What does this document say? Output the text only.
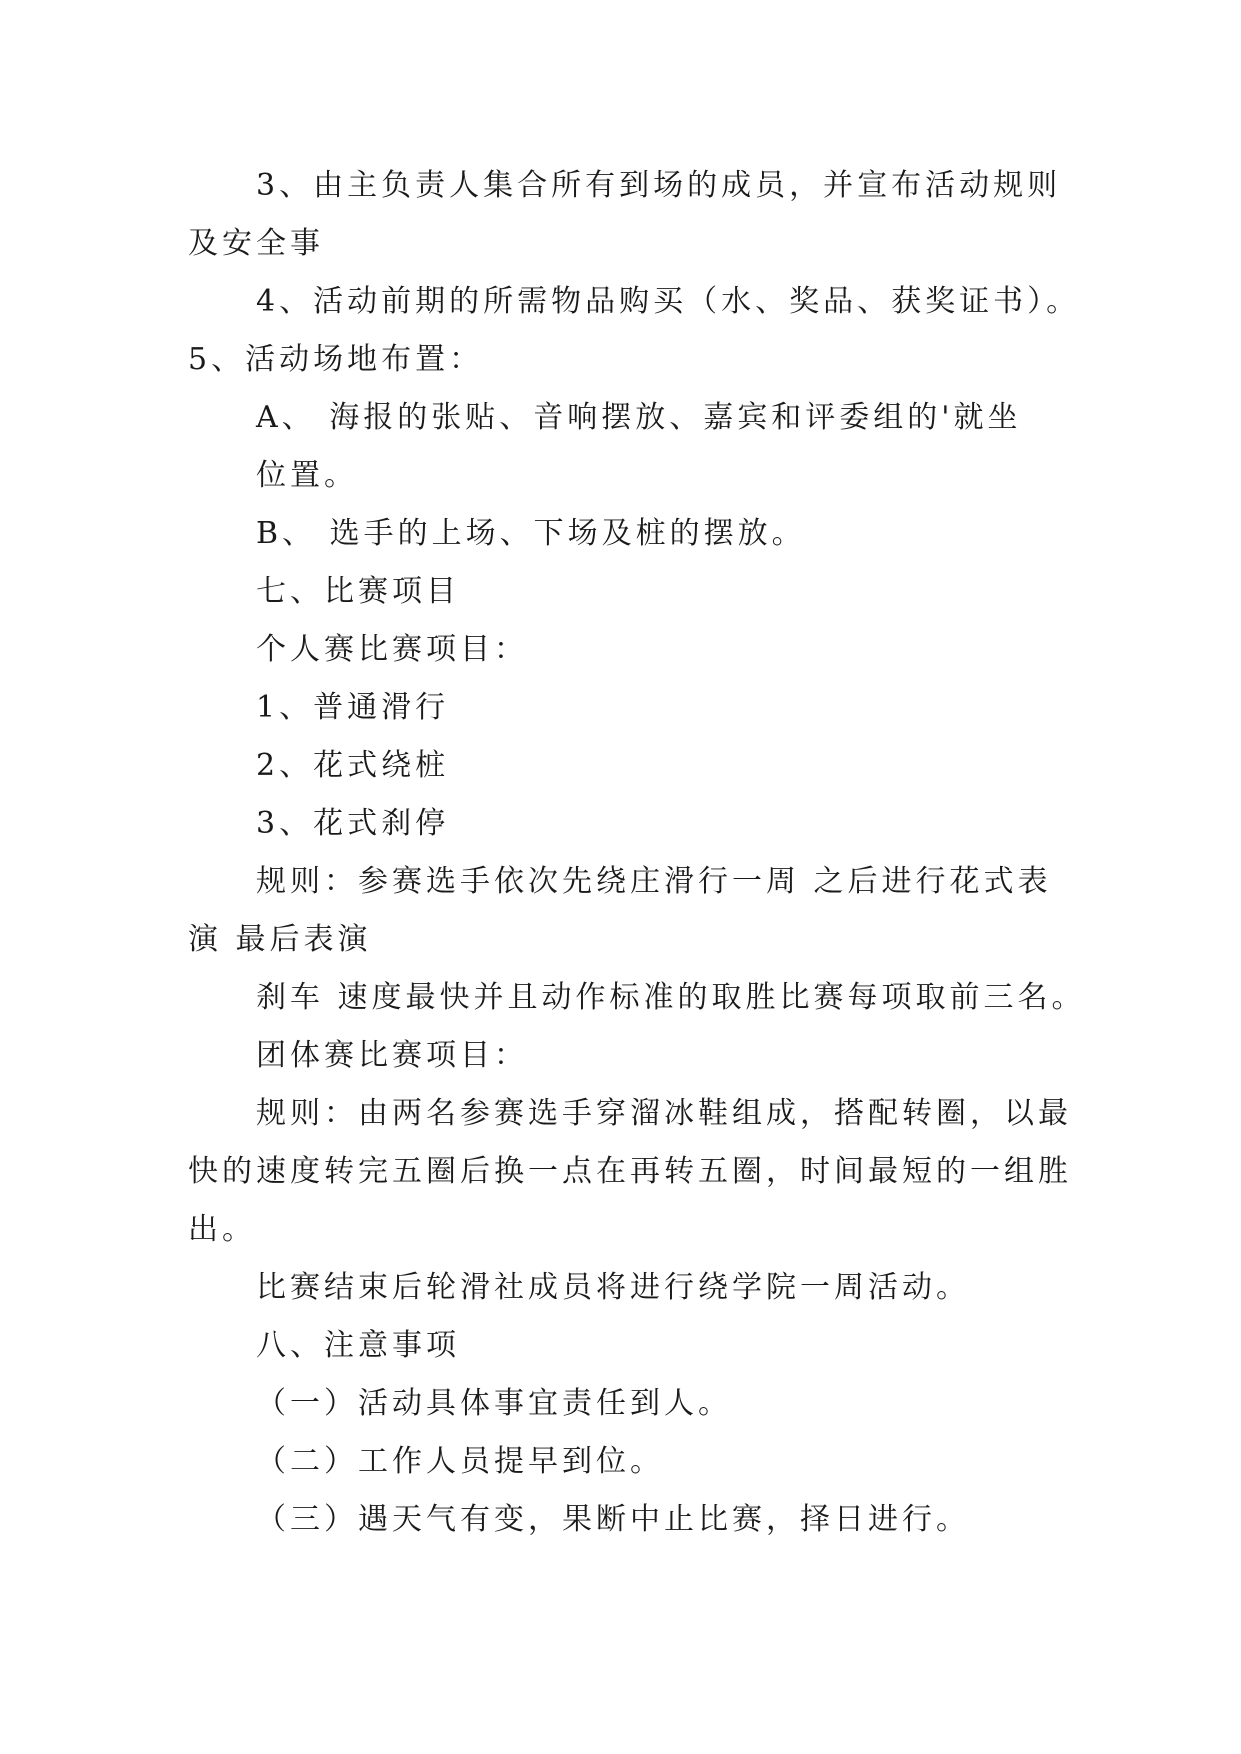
3、由主负责人集合所有到场的成员，并宣布活动规则
及安全事
4、活动前期的所需物品购买（水、奖品、获奖证书）。
5、活动场地布置：
A、 海报的张贴、音响摆放、嘉宾和评委组的'就坐
位置。
B、 选手的上场、下场及桩的摆放。
七、比赛项目
个人赛比赛项目：
1、普通滑行
2、花式绕桩
3、花式刹停
规则：参赛选手依次先绕庄滑行一周 之后进行花式表
演 最后表演
刹车 速度最快并且动作标准的取胜比赛每项取前三名。
团体赛比赛项目：
规则：由两名参赛选手穿溜冰鞋组成，搭配转圈，以最
快的速度转完五圈后换一点在再转五圈，时间最短的一组胜
出。
比赛结束后轮滑社成员将进行绕学院一周活动。
八、注意事项
（一）活动具体事宜责任到人。
（二）工作人员提早到位。
（三）遇天气有变，果断中止比赛，择日进行。
